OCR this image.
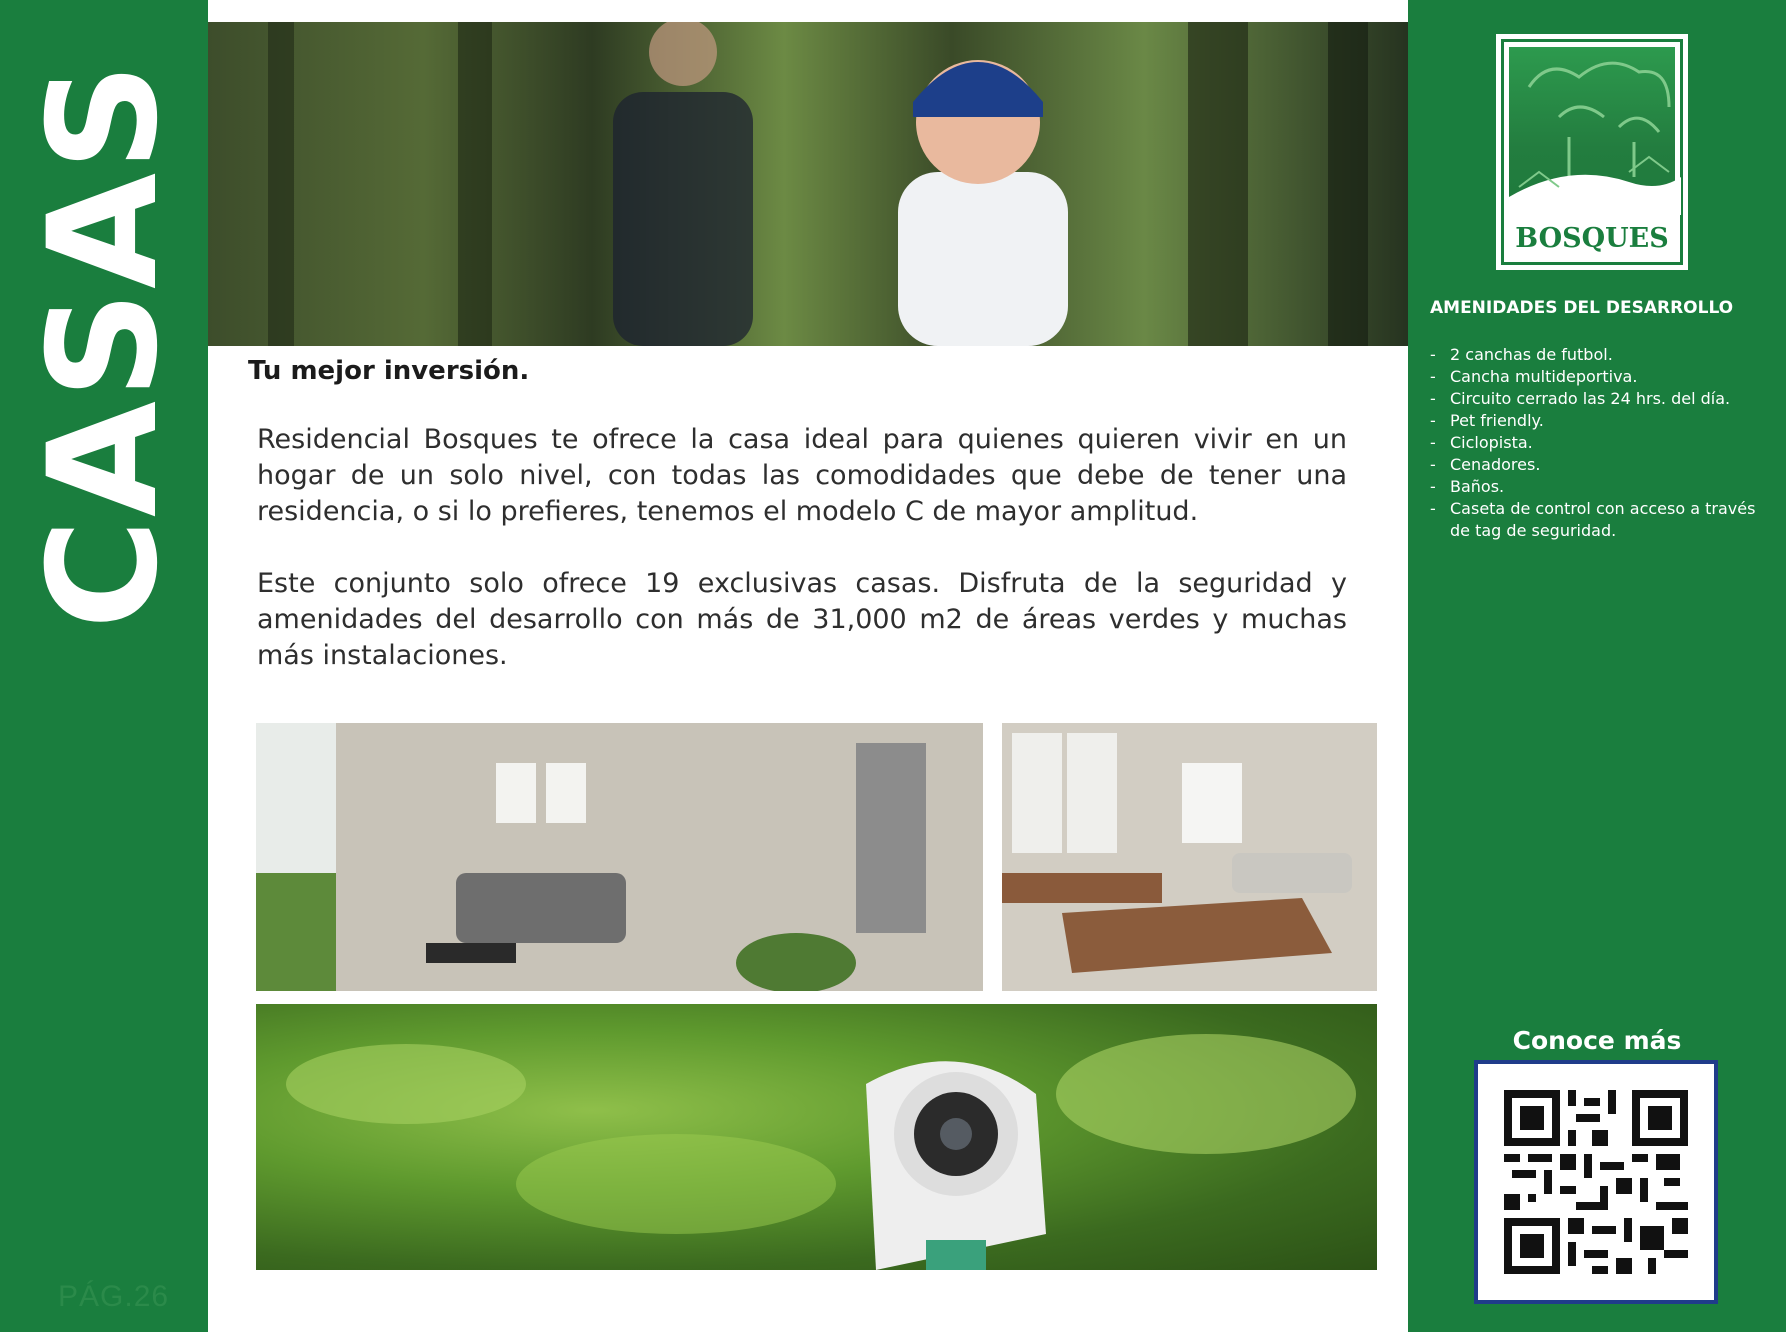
CASAS
PÁG.26
Tu mejor inversión.

Residencial Bosques te ofrece la casa ideal para quienes quieren vivir en un hogar de un solo nivel, con todas las comodidades que debe de tener una residencia, o si lo prefieres, tenemos el modelo C de mayor amplitud.

Este conjunto solo ofrece 19 exclusivas casas. Disfruta de la seguridad y amenidades del desarrollo con más de 31,000 m2 de áreas verdes y muchas más instalaciones.

BOSQUES
AMENIDADES DEL DESARROLLO
- 2 canchas de futbol.
- Cancha multideportiva.
- Circuito cerrado las 24 hrs. del día.
- Pet friendly.
- Ciclopista.
- Cenadores.
- Baños.
- Caseta de control con acceso a través de tag de seguridad.
Conoce más
